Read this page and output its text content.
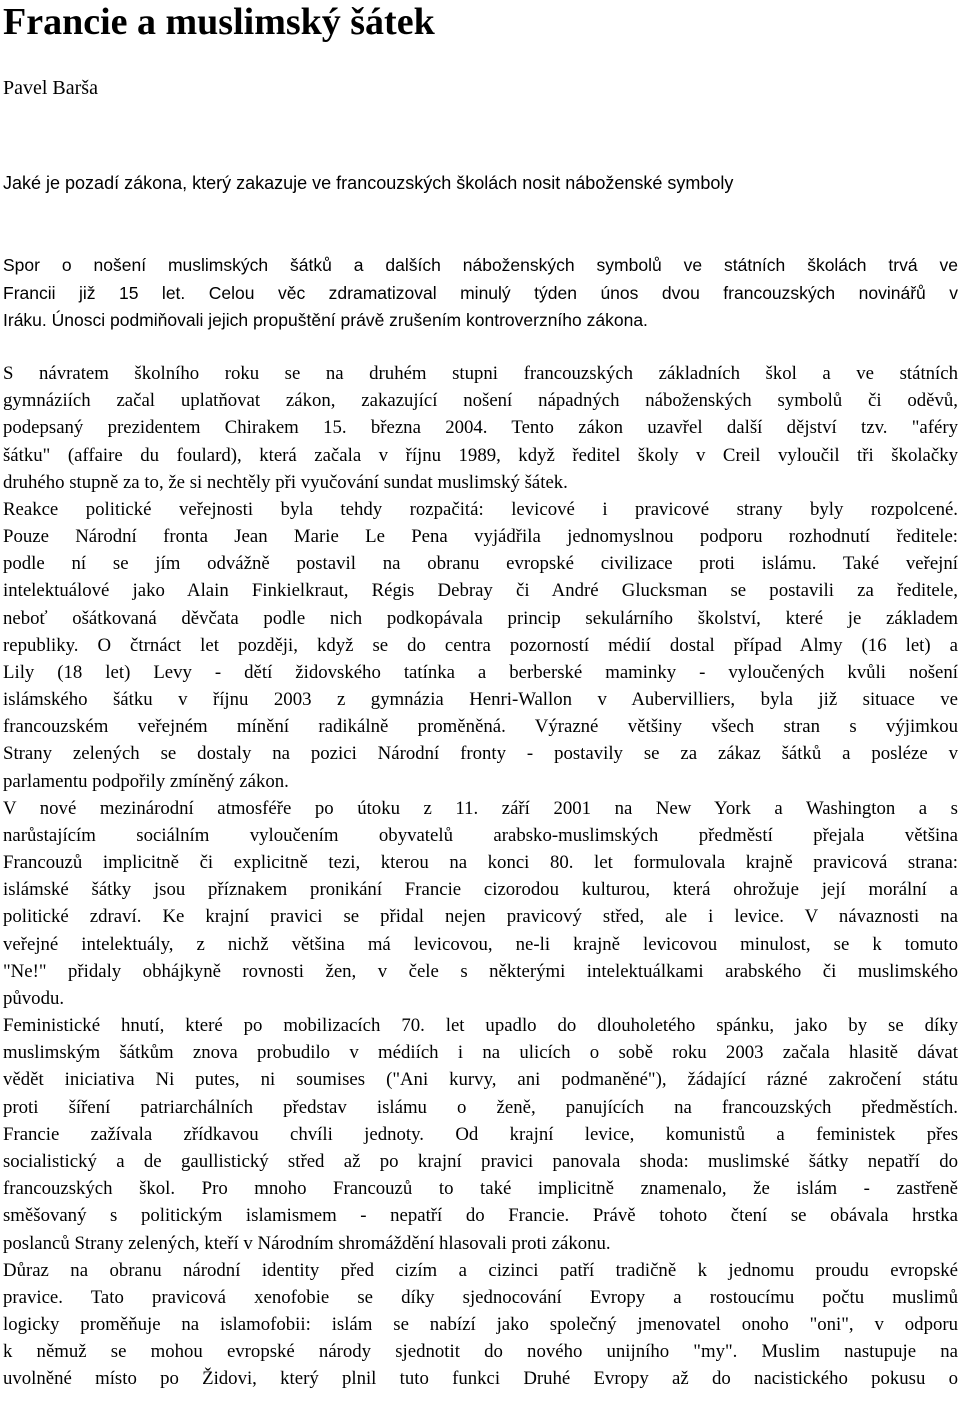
Francie a muslimský šátek

Pavel Barša

Jaké je pozadí zákona, který zakazuje ve francouzských školách nosit náboženské symboly

Spor o nošení muslimských šátků a dalších náboženských symbolů ve státních školách trvá ve
Francii již 15 let. Celou věc zdramatizoval minulý týden únos dvou francouzských novinářů v
Iráku. Únosci podmiňovali jejich propuštění právě zrušením kontroverzního zákona.
S návratem školního roku se na druhém stupni francouzských základních škol a ve státních
gymnáziích začal uplatňovat zákon, zakazující nošení nápadných náboženských symbolů či oděvů,
podepsaný prezidentem Chirakem 15. března 2004. Tento zákon uzavřel další dějství tzv. "aféry
šátku" (affaire du foulard), která začala v říjnu 1989, když ředitel školy v Creil vyloučil tři školačky
druhého stupně za to, že si nechtěly při vyučování sundat muslimský šátek.
Reakce politické veřejnosti byla tehdy rozpačitá: levicové i pravicové strany byly rozpolcené.
Pouze Národní fronta Jean Marie Le Pena vyjádřila jednomyslnou podporu rozhodnutí ředitele:
podle ní se jím odvážně postavil na obranu evropské civilizace proti islámu. Také veřejní
intelektuálové jako Alain Finkielkraut, Régis Debray či André Glucksman se postavili za ředitele,
neboť ošátkovaná děvčata podle nich podkopávala princip sekulárního školství, které je základem
republiky. O čtrnáct let později, když se do centra pozorností médií dostal případ Almy (16 let) a
Lily (18 let) Levy - dětí židovského tatínka a berberské maminky - vyloučených kvůli nošení
islámského šátku v říjnu 2003 z gymnázia Henri-Wallon v Aubervilliers, byla již situace ve
francouzském veřejném mínění radikálně proměněná. Výrazné většiny všech stran s výjimkou
Strany zelených se dostaly na pozici Národní fronty - postavily se za zákaz šátků a posléze v
parlamentu podpořily zmíněný zákon.
V nové mezinárodní atmosféře po útoku z 11. září 2001 na New York a Washington a s
narůstajícím sociálním vyloučením obyvatelů arabsko-muslimských předměstí přejala většina
Francouzů implicitně či explicitně tezi, kterou na konci 80. let formulovala krajně pravicová strana:
islámské šátky jsou příznakem pronikání Francie cizorodou kulturou, která ohrožuje její morální a
politické zdraví. Ke krajní pravici se přidal nejen pravicový střed, ale i levice. V návaznosti na
veřejné intelektuály, z nichž většina má levicovou, ne-li krajně levicovou minulost, se k tomuto
"Ne!" přidaly obhájkyně rovnosti žen, v čele s některými intelektuálkami arabského či muslimského
původu.
Feministické hnutí, které po mobilizacích 70. let upadlo do dlouholetého spánku, jako by se díky
muslimským šátkům znova probudilo v médiích i na ulicích o sobě roku 2003 začala hlasitě dávat
vědět iniciativa Ni putes, ni soumises ("Ani kurvy, ani podmaněné"), žádající rázné zakročení státu
proti šíření patriarchálních představ islámu o ženě, panujících na francouzských předměstích.
Francie zažívala zřídkavou chvíli jednoty. Od krajní levice, komunistů a feministek přes
socialistický a de gaullistický střed až po krajní pravici panovala shoda: muslimské šátky nepatří do
francouzských škol. Pro mnoho Francouzů to také implicitně znamenalo, že islám - zastřeně
směšovaný s politickým islamismem - nepatří do Francie. Právě tohoto čtení se obávala hrstka
poslanců Strany zelených, kteří v Národním shromáždění hlasovali proti zákonu.
Důraz na obranu národní identity před cizím a cizinci patří tradičně k jednomu proudu evropské
pravice. Tato pravicová xenofobie se díky sjednocování Evropy a rostoucímu počtu muslimů
logicky proměňuje na islamofobii: islám se nabízí jako společný jmenovatel onoho "oni", v odporu
k němuž se mohou evropské národy sjednotit do nového unijního "my". Muslim nastupuje na
uvolněné místo po Židovi, který plnil tuto funkci Druhé Evropy až do nacistického pokusu o
